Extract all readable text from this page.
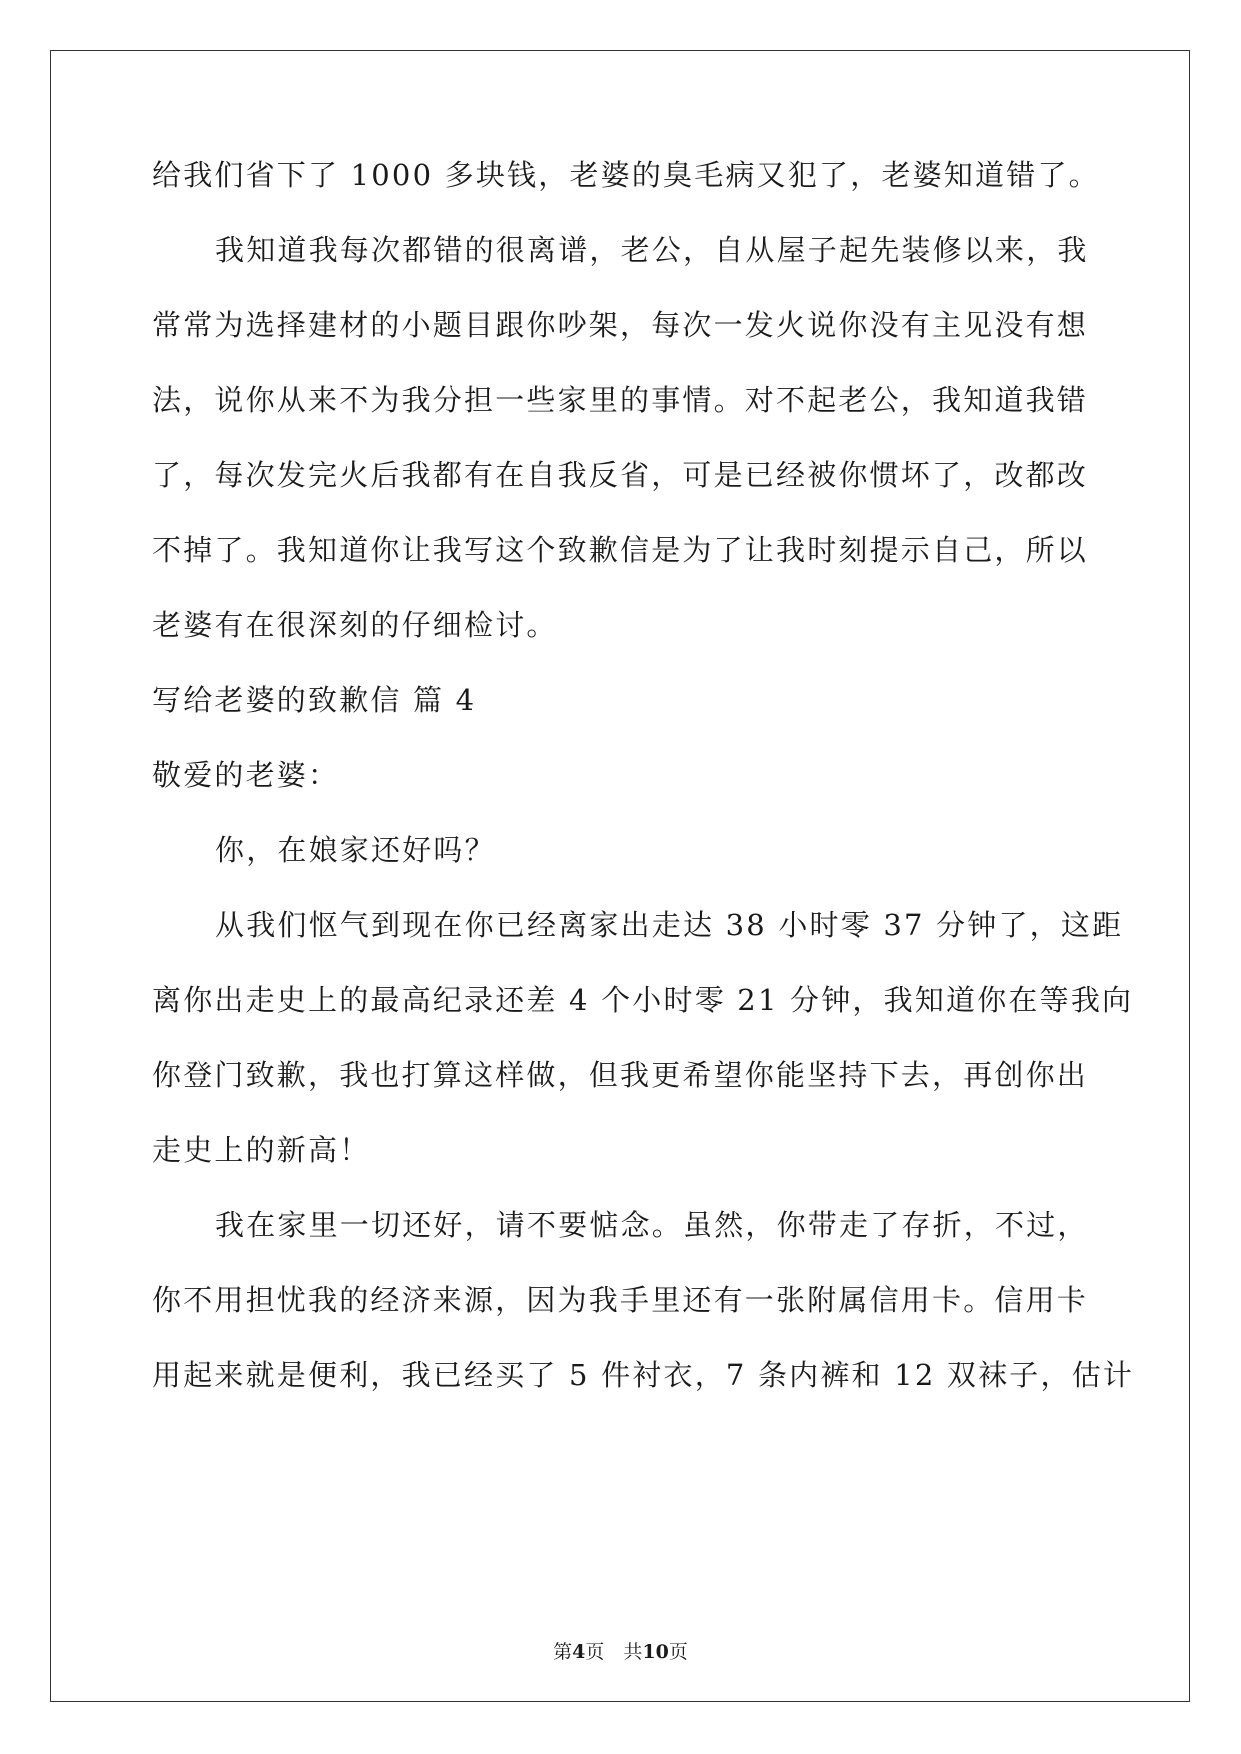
给我们省下了 1000 多块钱，老婆的臭毛病又犯了，老婆知道错了。
我知道我每次都错的很离谱，老公，自从屋子起先装修以来，我
常常为选择建材的小题目跟你吵架，每次一发火说你没有主见没有想
法，说你从来不为我分担一些家里的事情。对不起老公，我知道我错
了，每次发完火后我都有在自我反省，可是已经被你惯坏了，改都改
不掉了。我知道你让我写这个致歉信是为了让我时刻提示自己，所以
老婆有在很深刻的仔细检讨。
写给老婆的致歉信 篇 4
敬爱的老婆：
你，在娘家还好吗？
从我们怄气到现在你已经离家出走达 38 小时零 37 分钟了，这距
离你出走史上的最高纪录还差 4 个小时零 21 分钟，我知道你在等我向
你登门致歉，我也打算这样做，但我更希望你能坚持下去，再创你出
走史上的新高！
我在家里一切还好，请不要惦念。虽然，你带走了存折，不过，
你不用担忧我的经济来源，因为我手里还有一张附属信用卡。信用卡
用起来就是便利，我已经买了 5 件衬衣，7 条内裤和 12 双袜子，估计
第4页　共10页
